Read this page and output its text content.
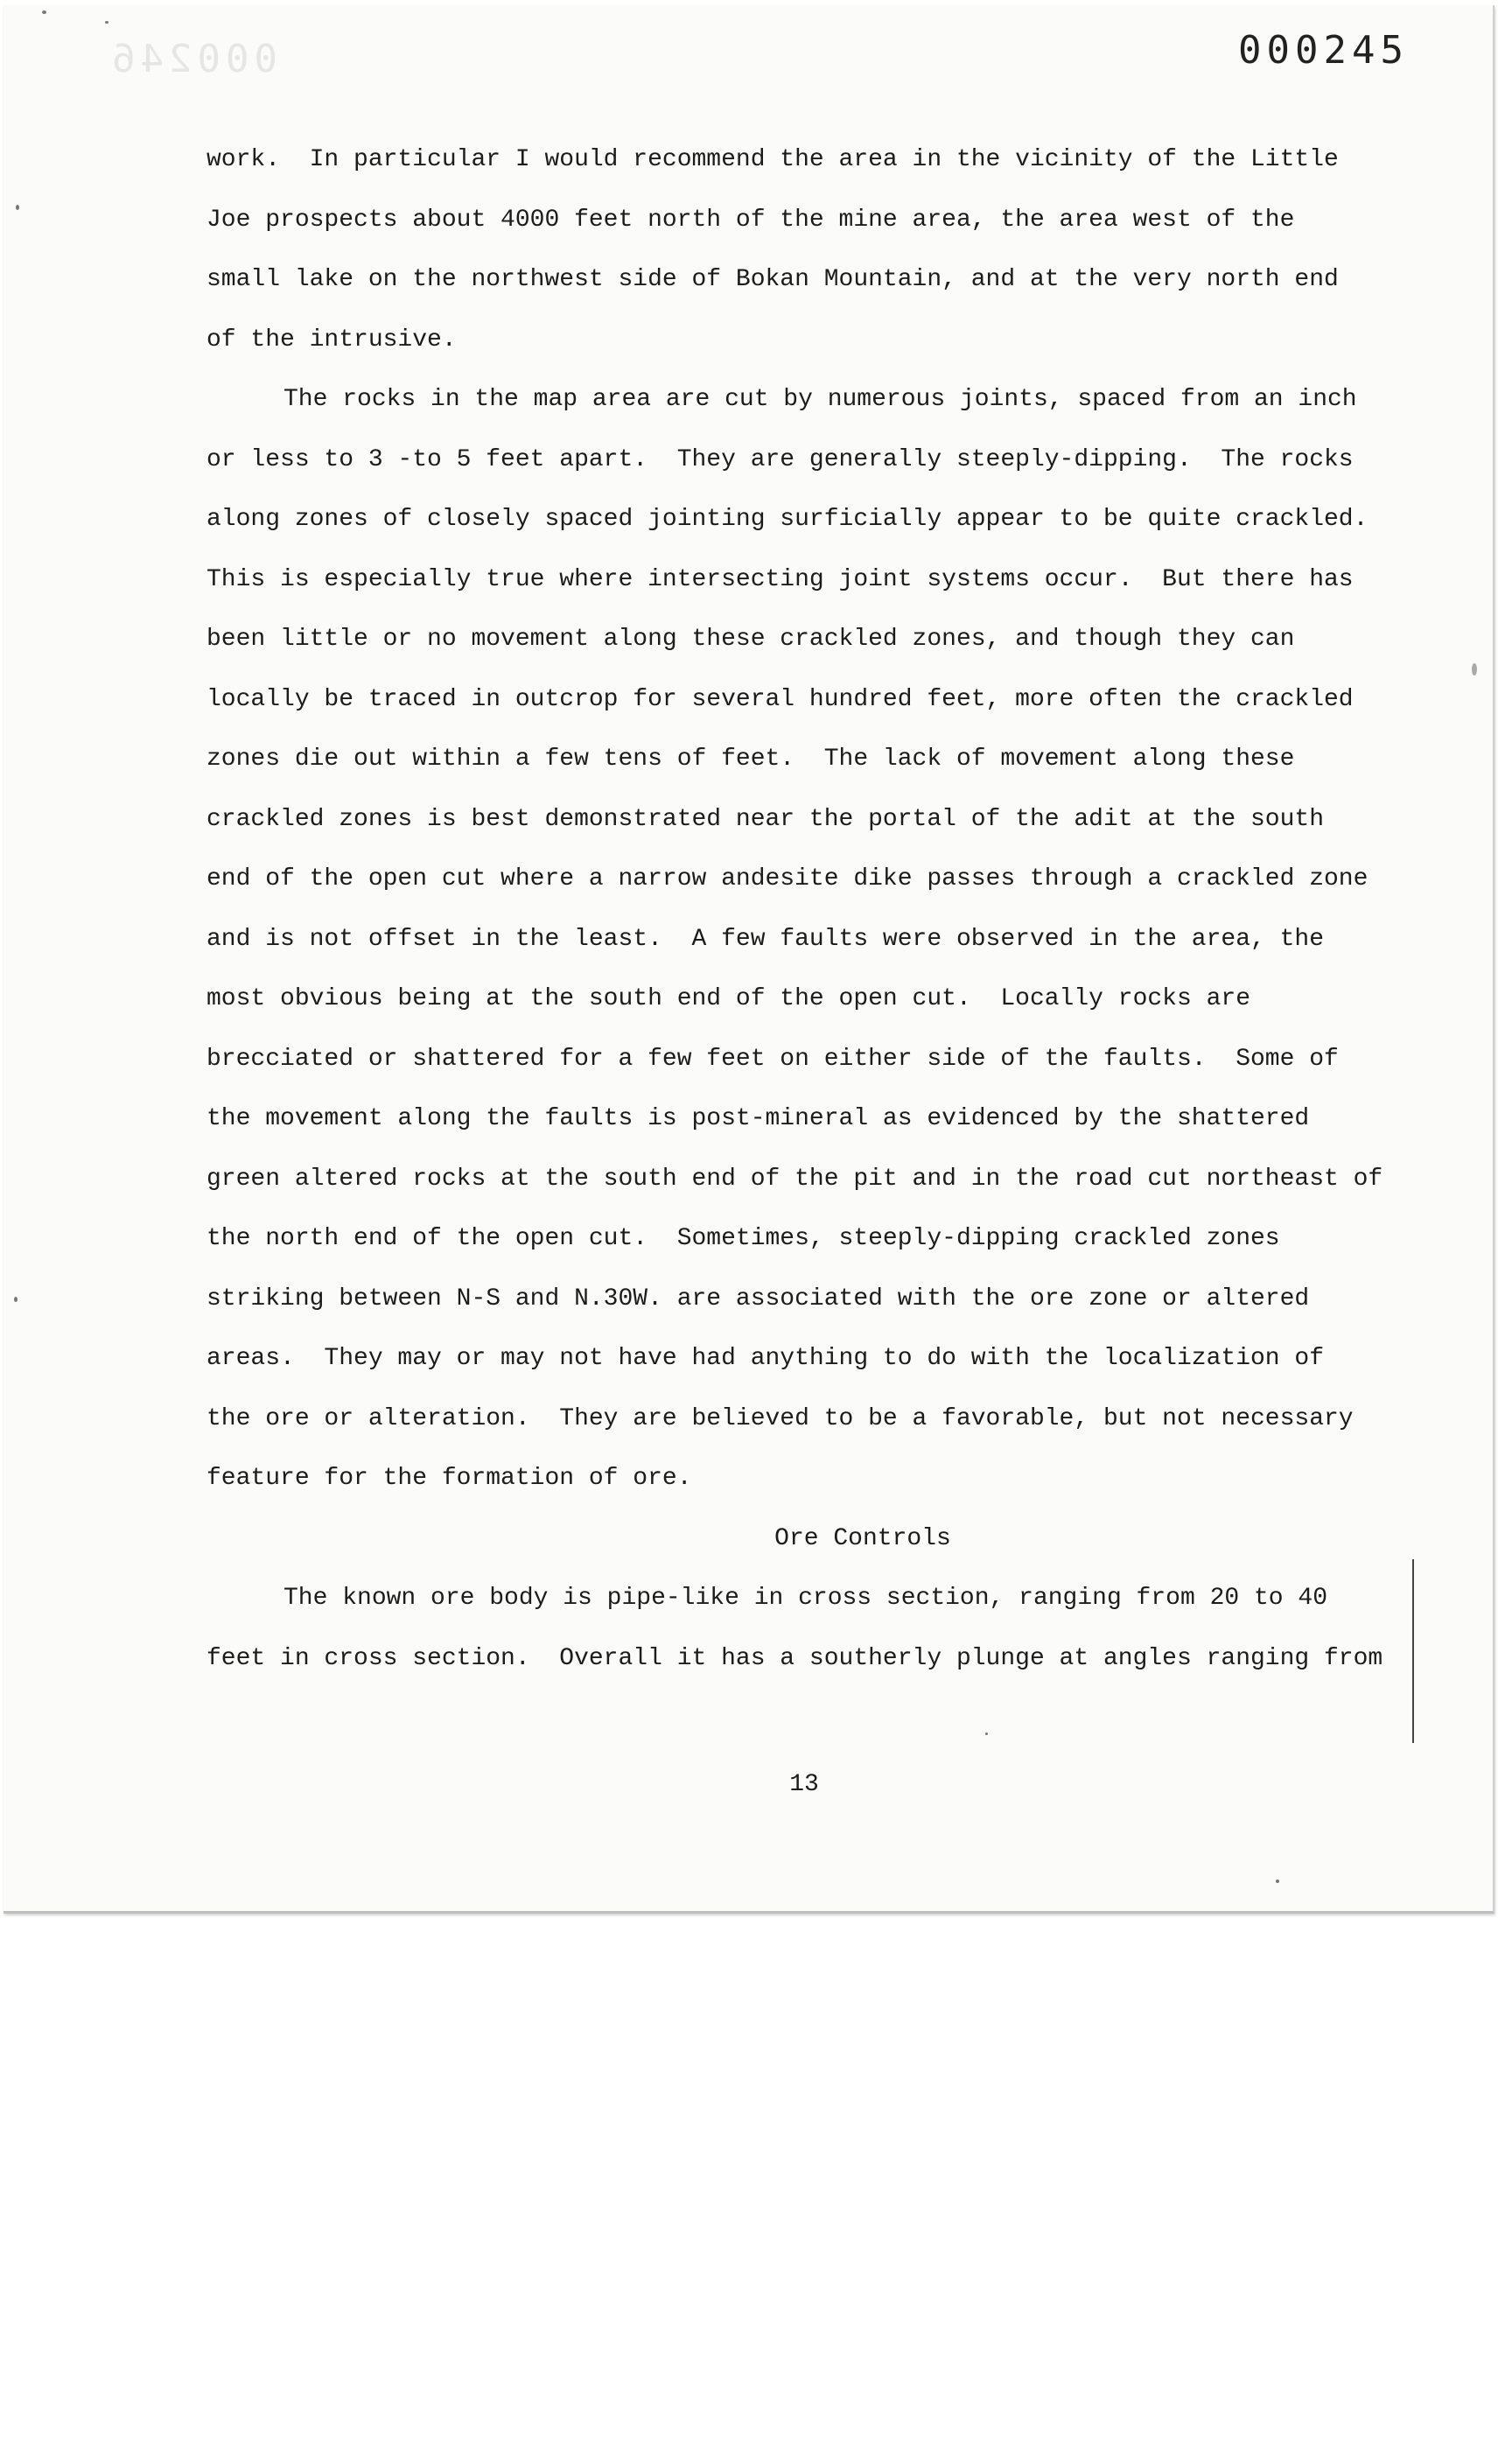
000246	000245
work.  In particular I would recommend the area in the vicinity of the Little
Joe prospects about 4000 feet north of the mine area, the area west of the
small lake on the northwest side of Bokan Mountain, and at the very north end
of the intrusive.
The rocks in the map area are cut by numerous joints, spaced from an inch
or less to 3 -to 5 feet apart.  They are generally steeply-dipping.  The rocks
along zones of closely spaced jointing surficially appear to be quite crackled.
This is especially true where intersecting joint systems occur.  But there has
been little or no movement along these crackled zones, and though they can
locally be traced in outcrop for several hundred feet, more often the crackled
zones die out within a few tens of feet.  The lack of movement along these
crackled zones is best demonstrated near the portal of the adit at the south
end of the open cut where a narrow andesite dike passes through a crackled zone
and is not offset in the least.  A few faults were observed in the area, the
most obvious being at the south end of the open cut.  Locally rocks are
brecciated or shattered for a few feet on either side of the faults.  Some of
the movement along the faults is post-mineral as evidenced by the shattered
green altered rocks at the south end of the pit and in the road cut northeast of
the north end of the open cut.  Sometimes, steeply-dipping crackled zones
striking between N-S and N.30W. are associated with the ore zone or altered
areas.  They may or may not have had anything to do with the localization of
the ore or alteration.  They are believed to be a favorable, but not necessary
feature for the formation of ore.
Ore Controls
The known ore body is pipe-like in cross section, ranging from 20 to 40
feet in cross section.  Overall it has a southerly plunge at angles ranging from
13
